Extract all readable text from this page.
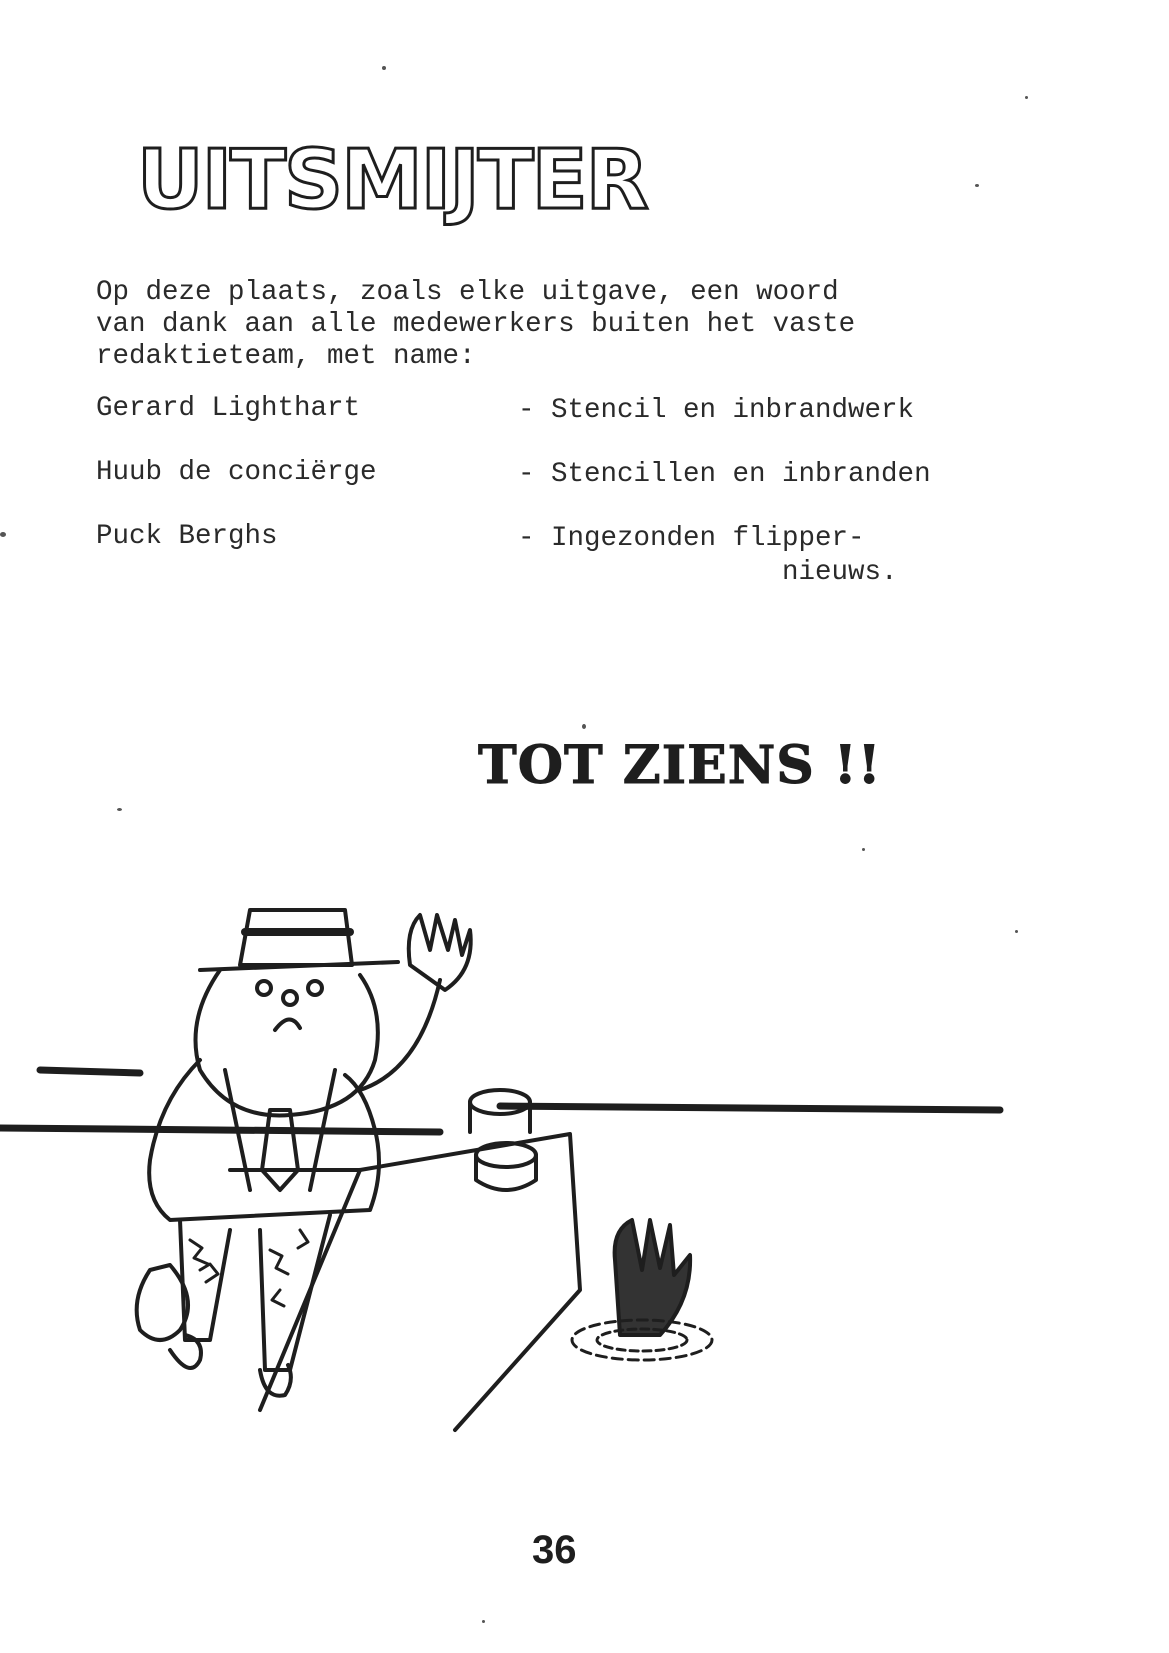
UITSMIJTER

Op deze plaats, zoals elke uitgave, een woord
van dank aan alle medewerkers buiten het vaste
redaktieteam, met name:

Gerard Lighthart	- Stencil en inbrandwerk

Huub de conciërge	- Stencillen en inbranden

Puck Berghs	- Ingezonden flipper-
nieuws.

TOT ZIENS !!

36
